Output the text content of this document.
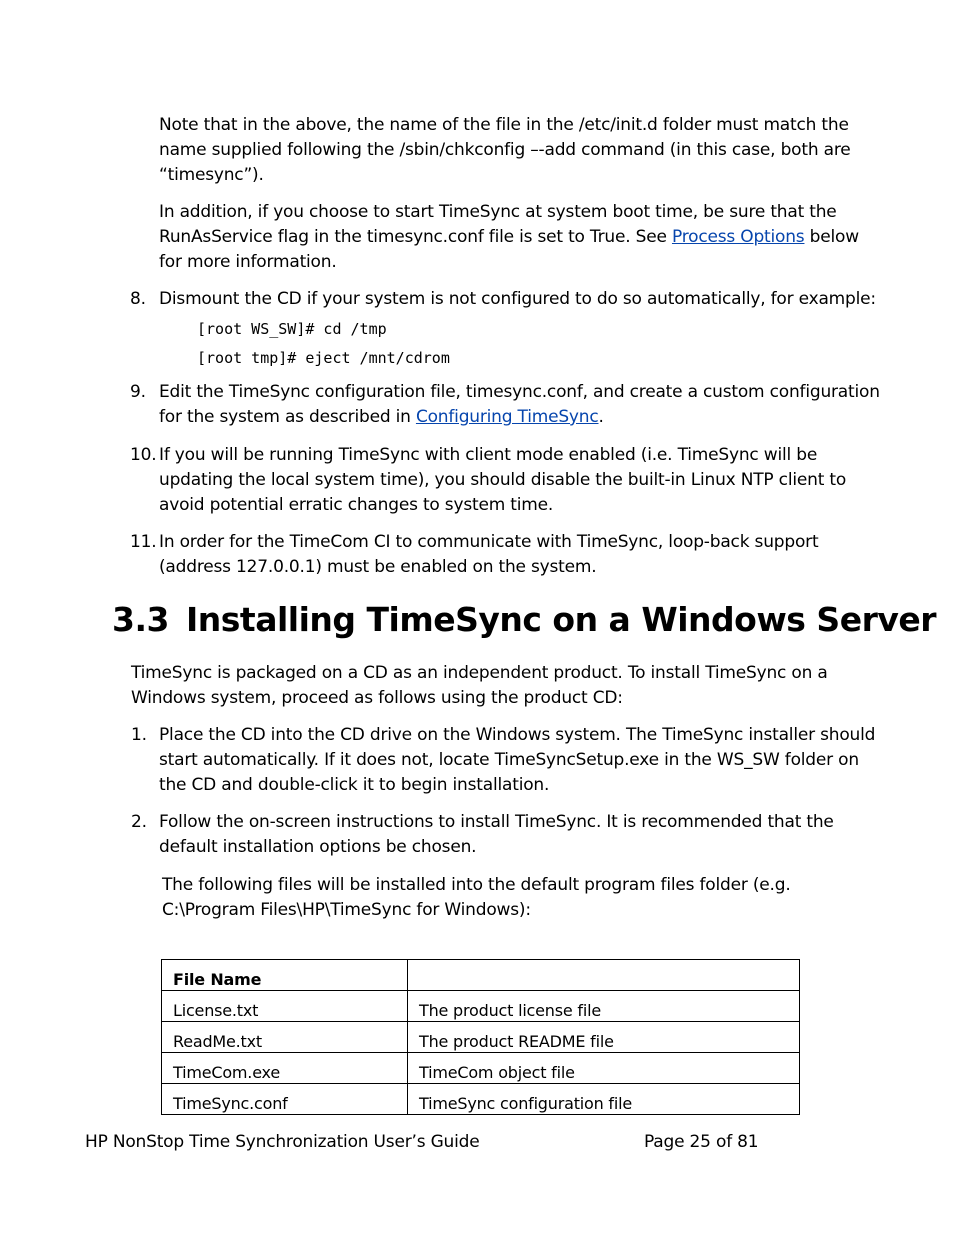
Note that in the above, the name of the file in the /etc/init.d folder must match the
name supplied following the /sbin/chkconfig –-add command (in this case, both are
“timesync”).
In addition, if you choose to start TimeSync at system boot time, be sure that the
RunAsService flag in the timesync.conf file is set to True. See Process Options below
for more information.
8. Dismount the CD if your system is not configured to do so automatically, for example:
[root WS_SW]# cd /tmp
[root tmp]# eject /mnt/cdrom
9. Edit the TimeSync configuration file, timesync.conf, and create a custom configuration
for the system as described in Configuring TimeSync.
10. If you will be running TimeSync with client mode enabled (i.e. TimeSync will be
updating the local system time), you should disable the built-in Linux NTP client to
avoid potential erratic changes to system time.
11. In order for the TimeCom CI to communicate with TimeSync, loop-back support
(address 127.0.0.1) must be enabled on the system.
3.3 Installing TimeSync on a Windows Server
TimeSync is packaged on a CD as an independent product. To install TimeSync on a
Windows system, proceed as follows using the product CD:
1. Place the CD into the CD drive on the Windows system. The TimeSync installer should
start automatically. If it does not, locate TimeSyncSetup.exe in the WS_SW folder on
the CD and double-click it to begin installation.
2. Follow the on-screen instructions to install TimeSync. It is recommended that the
default installation options be chosen.
The following files will be installed into the default program files folder (e.g.
C:\Program Files\HP\TimeSync for Windows):
File Name	
License.txt	The product license file
ReadMe.txt	The product README file
TimeCom.exe	TimeCom object file
TimeSync.conf	TimeSync configuration file
HP NonStop Time Synchronization User’s Guide	Page 25 of 81
